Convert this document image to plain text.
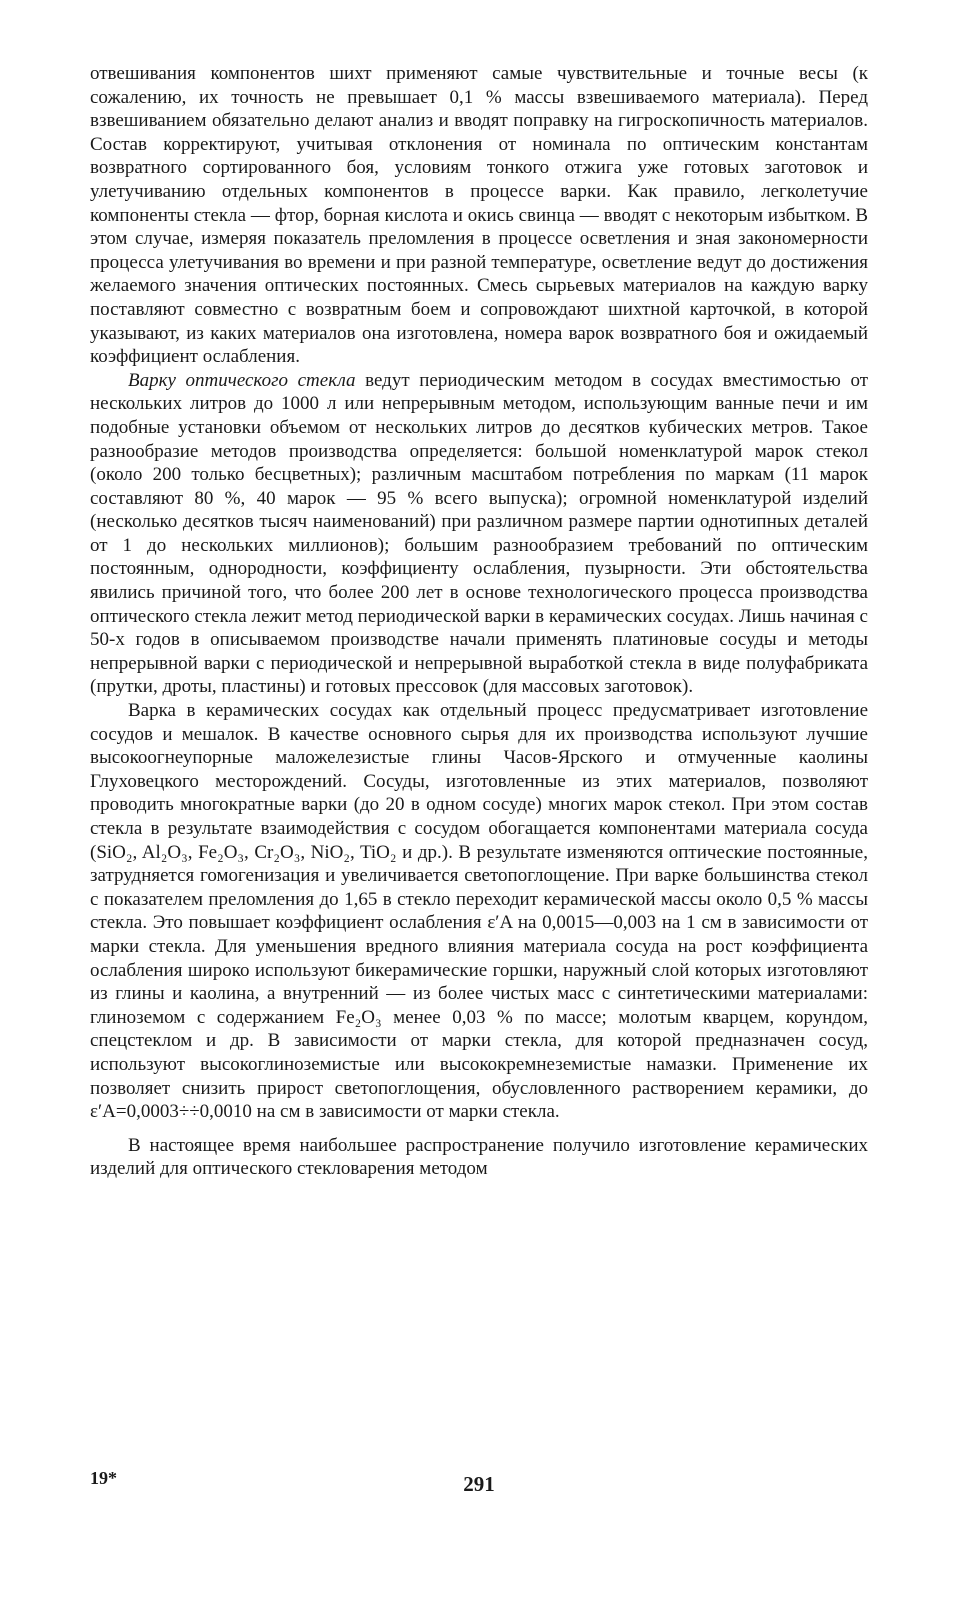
отвешивания компонентов шихт применяют самые чувствительные и точные весы (к сожалению, их точность не превышает 0,1 % массы взвешиваемого материала). Перед взвешиванием обязательно делают анализ и вводят поправку на гигроскопичность материалов. Состав корректируют, учитывая отклонения от номинала по оптическим константам возвратного сортированного боя, условиям тонкого отжига уже готовых заготовок и улетучиванию отдельных компонентов в процессе варки. Как правило, легколетучие компоненты стекла — фтор, борная кислота и окись свинца — вводят с некоторым избытком. В этом случае, измеряя показатель преломления в процессе осветления и зная закономерности процесса улетучивания во времени и при разной температуре, осветление ведут до достижения желаемого значения оптических постоянных. Смесь сырьевых материалов на каждую варку поставляют совместно с возвратным боем и сопровождают шихтной карточкой, в которой указывают, из каких материалов она изготовлена, номера варок возвратного боя и ожидаемый коэффициент ослабления.

Варку оптического стекла ведут периодическим методом в сосудах вместимостью от нескольких литров до 1000 л или непрерывным методом, использующим ванные печи и им подобные установки объемом от нескольких литров до десятков кубических метров. Такое разнообразие методов производства определяется: большой номенклатурой марок стекол (около 200 только бесцветных); различным масштабом потребления по маркам (11 марок составляют 80 %, 40 марок — 95 % всего выпуска); огромной номенклатурой изделий (несколько десятков тысяч наименований) при различном размере партии однотипных деталей от 1 до нескольких миллионов); большим разнообразием требований по оптическим постоянным, однородности, коэффициенту ослабления, пузырности. Эти обстоятельства явились причиной того, что более 200 лет в основе технологического процесса производства оптического стекла лежит метод периодической варки в керамических сосудах. Лишь начиная с 50-х годов в описываемом производстве начали применять платиновые сосуды и методы непрерывной варки с периодической и непрерывной выработкой стекла в виде полуфабриката (прутки, дроты, пластины) и готовых прессовок (для массовых заготовок).

Варка в керамических сосудах как отдельный процесс предусматривает изготовление сосудов и мешалок. В качестве основного сырья для их производства используют лучшие высокоогнеупорные маложелезистые глины Часов-Ярского и отмученные каолины Глуховецкого месторождений. Сосуды, изготовленные из этих материалов, позволяют проводить многократные варки (до 20 в одном сосуде) многих марок стекол. При этом состав стекла в результате взаимодействия с сосудом обогащается компонентами материала сосуда (SiO₂, Al₂O₃, Fe₂O₃, Cr₂O₃, NiO₂, TiO₂ и др.). В результате изменяются оптические постоянные, затрудняется гомогенизация и увеличивается светопоглощение. При варке большинства стекол с показателем преломления до 1,65 в стекло переходит керамической массы около 0,5 % массы стекла. Это повышает коэффициент ослабления ε′A на 0,0015—0,003 на 1 см в зависимости от марки стекла. Для уменьшения вредного влияния материала сосуда на рост коэффициента ослабления широко используют бикерамические горшки, наружный слой которых изготовляют из глины и каолина, а внутренний — из более чистых масс с синтетическими материалами: глиноземом с содержанием Fe₂O₃ менее 0,03 % по массе; молотым кварцем, корундом, спецстеклом и др. В зависимости от марки стекла, для которой предназначен сосуд, используют высокоглиноземистые или высококремнеземистые намазки. Применение их позволяет снизить прирост светопоглощения, обусловленного растворением керамики, до ε′A=0,0003÷÷0,0010 на см в зависимости от марки стекла.

В настоящее время наибольшее распространение получило изготовление керамических изделий для оптического стекловарения методом

19*	291
